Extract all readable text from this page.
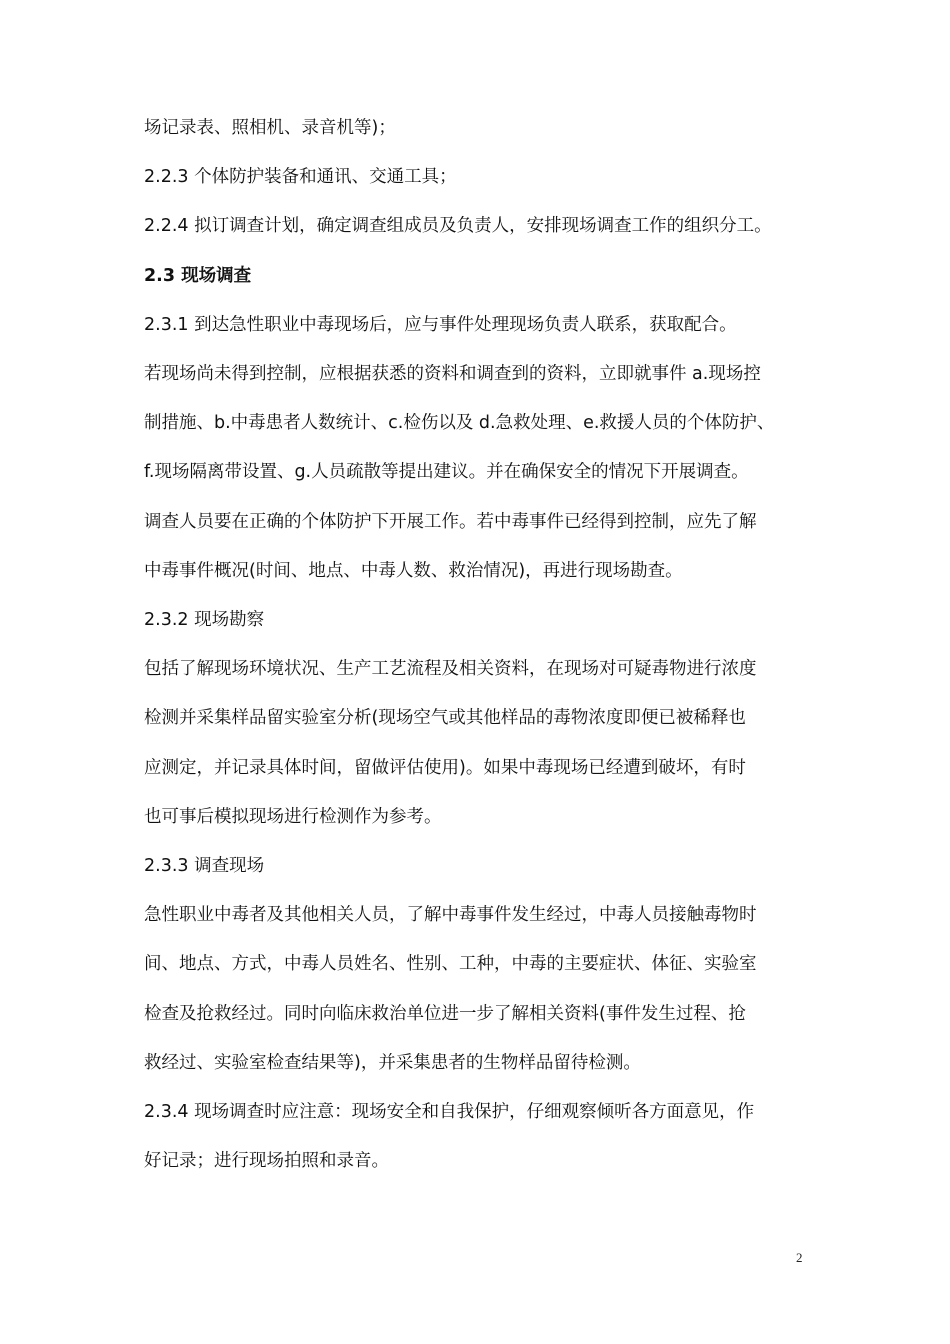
场记录表、照相机、录音机等)；
2.2.3 个体防护装备和通讯、交通工具；
2.2.4 拟订调查计划，确定调查组成员及负责人，安排现场调查工作的组织分工。
2.3 现场调查
2.3.1 到达急性职业中毒现场后，应与事件处理现场负责人联系，获取配合。
若现场尚未得到控制，应根据获悉的资料和调查到的资料，立即就事件 a.现场控
制措施、b.中毒患者人数统计、c.检伤以及 d.急救处理、e.救援人员的个体防护、
f.现场隔离带设置、g.人员疏散等提出建议。并在确保安全的情况下开展调查。
调查人员要在正确的个体防护下开展工作。若中毒事件已经得到控制，应先了解
中毒事件概况(时间、地点、中毒人数、救治情况)，再进行现场勘查。
2.3.2 现场勘察
包括了解现场环境状况、生产工艺流程及相关资料，在现场对可疑毒物进行浓度
检测并采集样品留实验室分析(现场空气或其他样品的毒物浓度即便已被稀释也
应测定，并记录具体时间，留做评估使用)。如果中毒现场已经遭到破坏，有时
也可事后模拟现场进行检测作为参考。
2.3.3 调查现场
急性职业中毒者及其他相关人员，了解中毒事件发生经过，中毒人员接触毒物时
间、地点、方式，中毒人员姓名、性别、工种，中毒的主要症状、体征、实验室
检查及抢救经过。同时向临床救治单位进一步了解相关资料(事件发生过程、抢
救经过、实验室检查结果等)，并采集患者的生物样品留待检测。
2.3.4 现场调查时应注意：现场安全和自我保护，仔细观察倾听各方面意见，作
好记录；进行现场拍照和录音。
2
